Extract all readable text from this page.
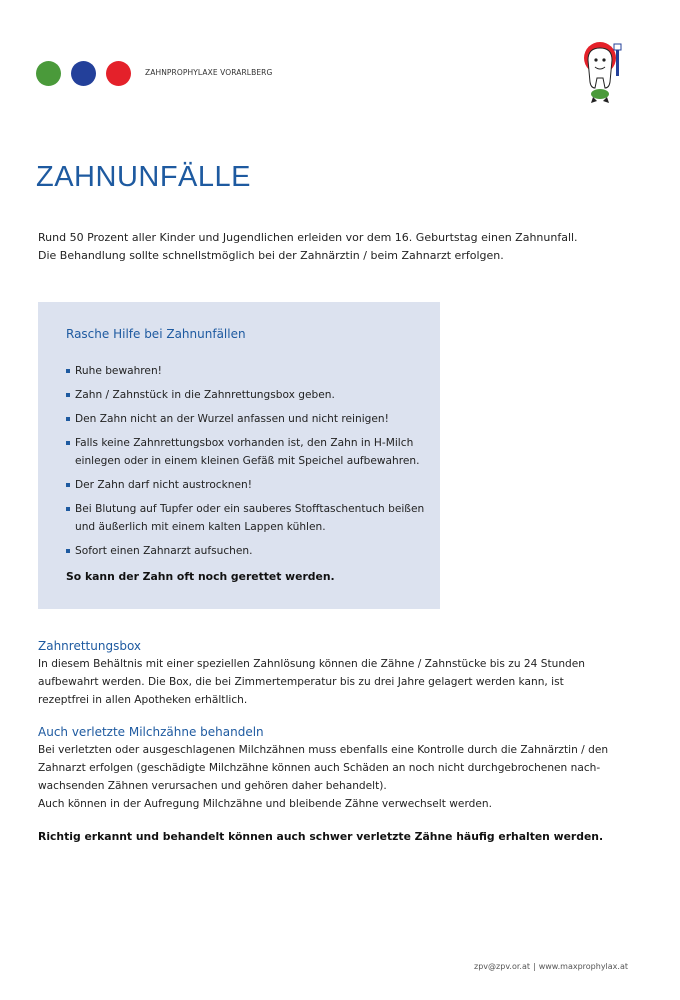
ZAHNPROPHYLAXE VORARLBERG
ZAHNUNFÄLLE

Rund 50 Prozent aller Kinder und Jugendlichen erleiden vor dem 16. Geburtstag einen Zahnunfall.

Die Behandlung sollte schnellstmöglich bei der Zahnärztin / beim Zahnarzt erfolgen.

Rasche Hilfe bei Zahnunfällen
Ruhe bewahren!
Zahn / Zahnstück in die Zahnrettungsbox geben.
Den Zahn nicht an der Wurzel anfassen und nicht reinigen!
Falls keine Zahnrettungsbox vorhanden ist, den Zahn in H-Milch
einlegen oder in einem kleinen Gefäß mit Speichel aufbewahren.
Der Zahn darf nicht austrocknen!
Bei Blutung auf Tupfer oder ein sauberes Stofftaschentuch beißen
und äußerlich mit einem kalten Lappen kühlen.
Sofort einen Zahnarzt aufsuchen.
So kann der Zahn oft noch gerettet werden.
Zahnrettungsbox

In diesem Behältnis mit einer speziellen Zahnlösung können die Zähne / Zahnstücke bis zu 24 Stunden

aufbewahrt werden. Die Box, die bei Zimmertemperatur bis zu drei Jahre gelagert werden kann, ist

rezeptfrei in allen Apotheken erhältlich.

Auch verletzte Milchzähne behandeln

Bei verletzten oder ausgeschlagenen Milchzähnen muss ebenfalls eine Kontrolle durch die Zahnärztin / den

Zahnarzt erfolgen (geschädigte Milchzähne können auch Schäden an noch nicht durchgebrochenen nach-

wachsenden Zähnen verursachen und gehören daher behandelt).

Auch können in der Aufregung Milchzähne und bleibende Zähne verwechselt werden.

Richtig erkannt und behandelt können auch schwer verletzte Zähne häufig erhalten werden.
zpv@zpv.or.at | www.maxprophylax.at
